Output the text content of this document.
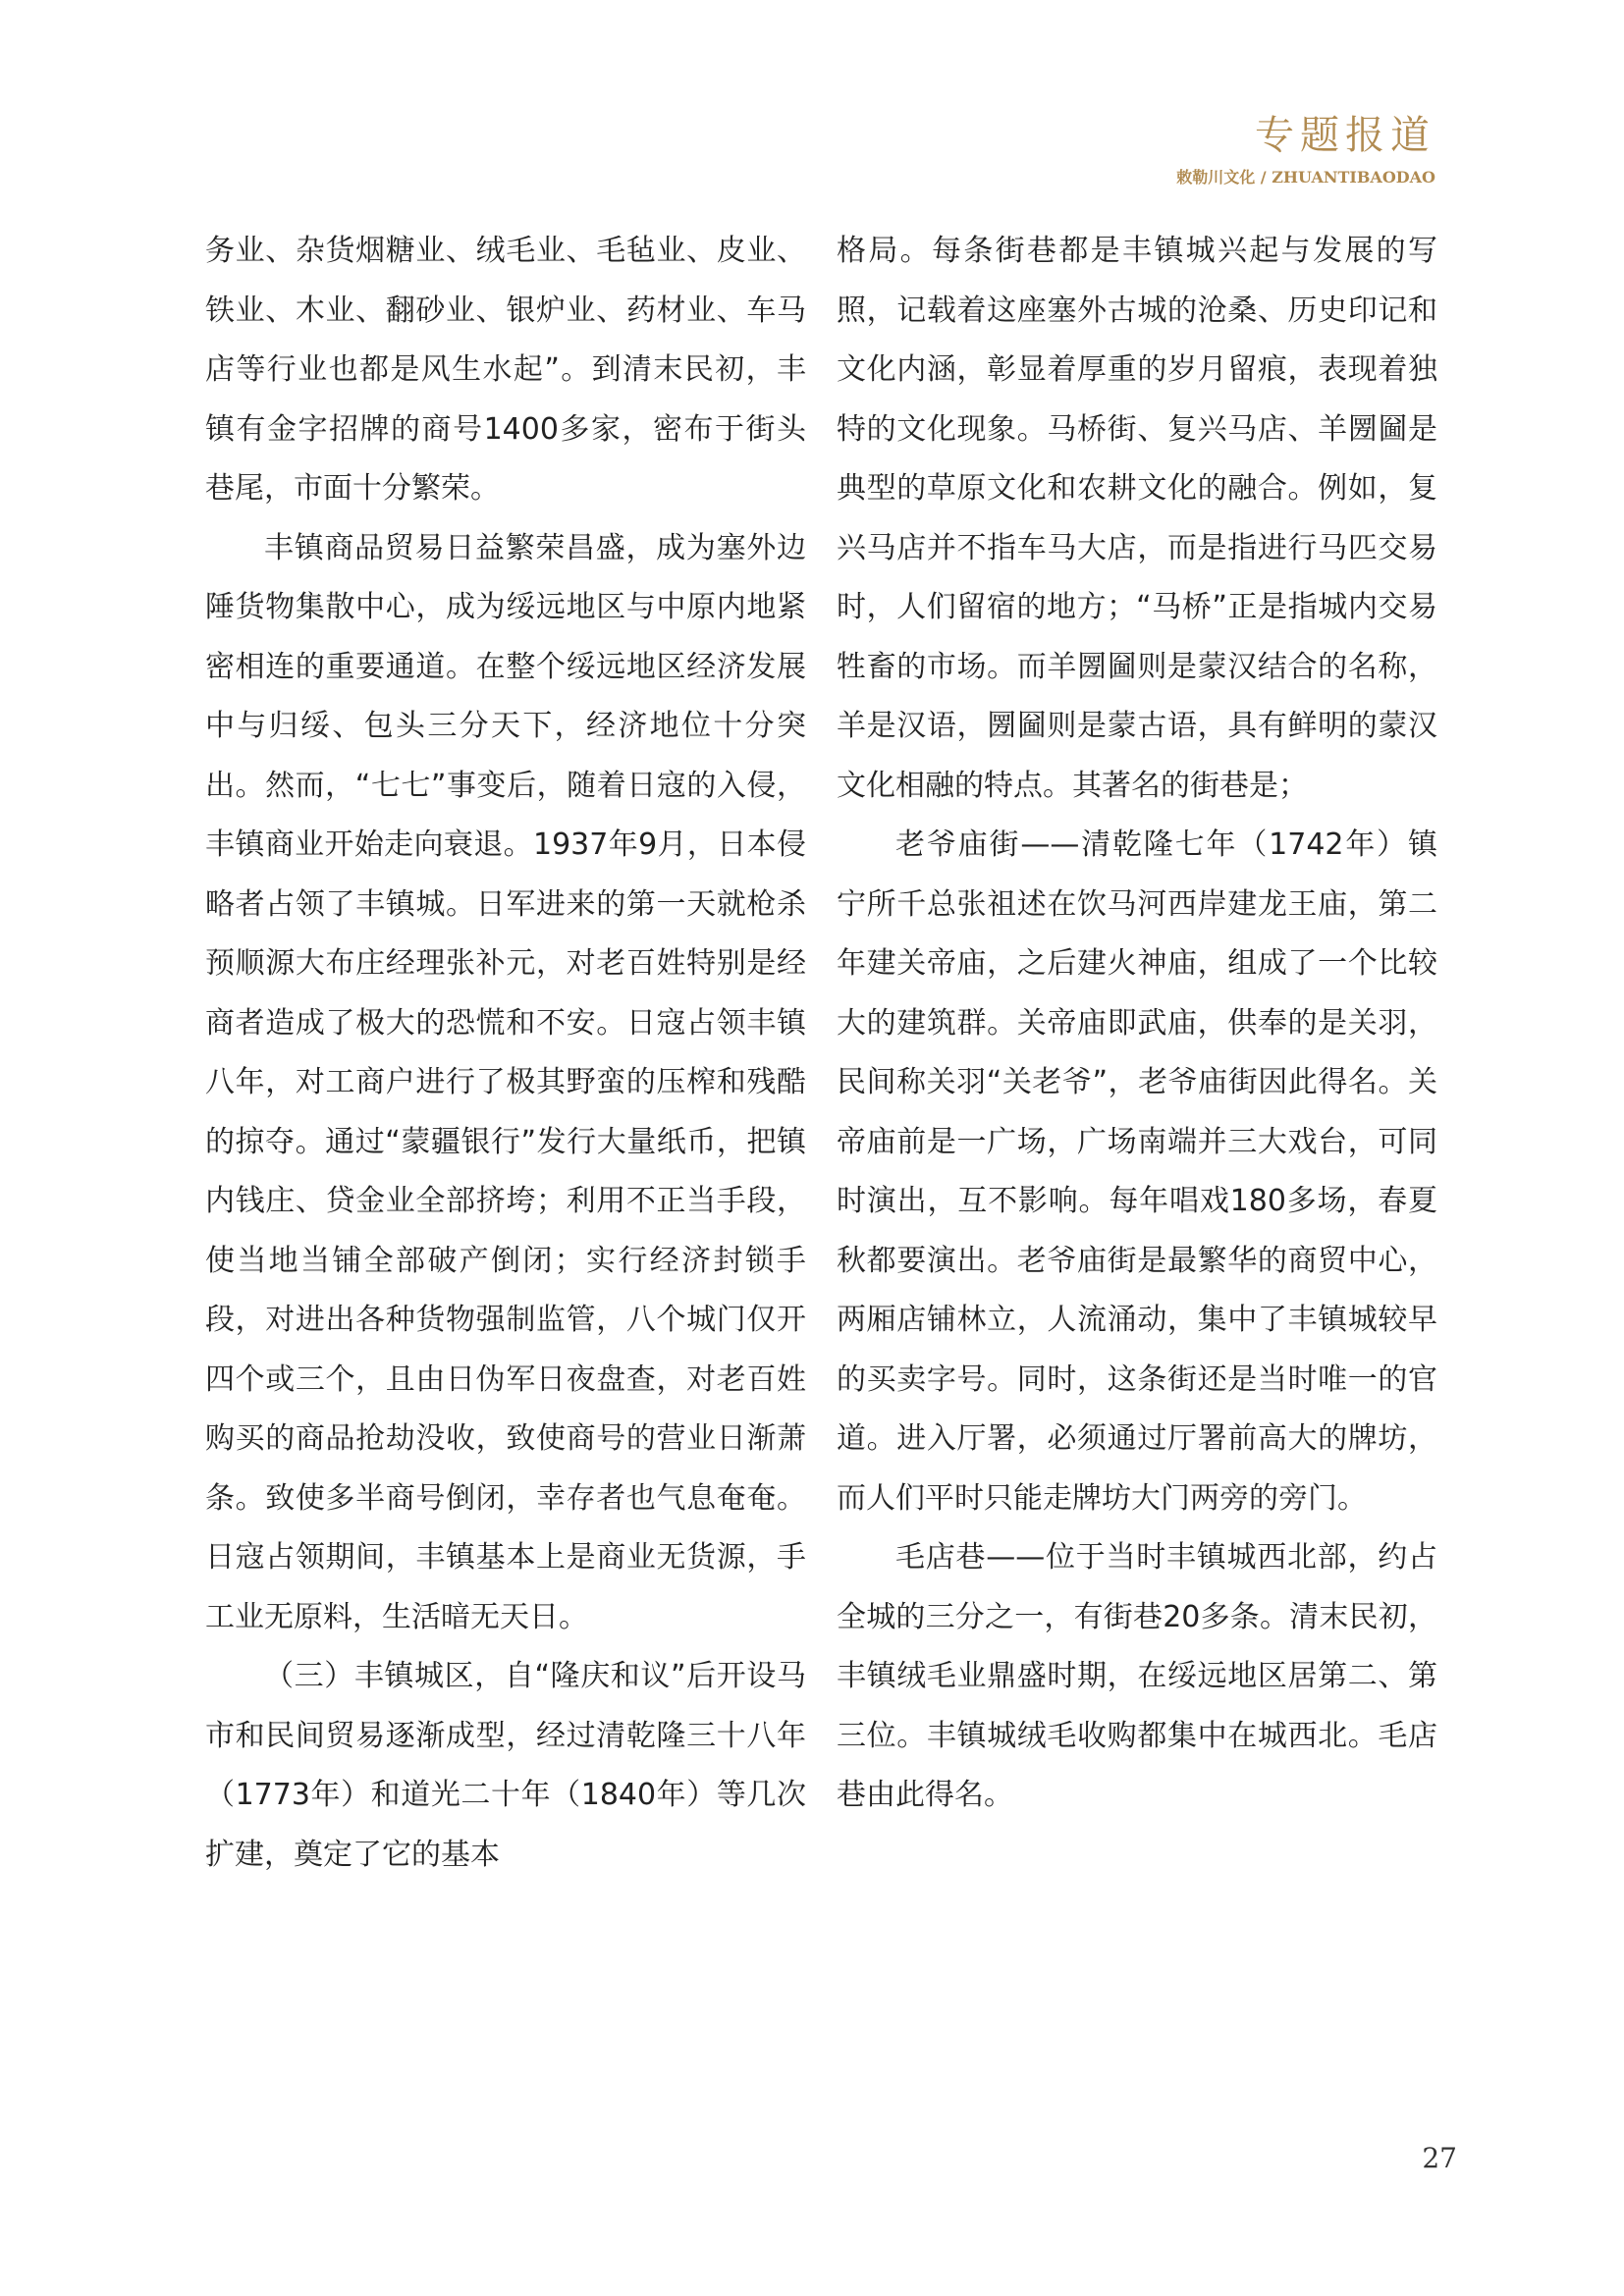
专题报道
敕勒川文化 / ZHUANTIBAODAO

务业、杂货烟糖业、绒毛业、毛毡业、皮业、铁业、木业、翻砂业、银炉业、药材业、车马店等行业也都是风生水起”。到清末民初，丰镇有金字招牌的商号1400多家，密布于街头巷尾，市面十分繁荣。

丰镇商品贸易日益繁荣昌盛，成为塞外边陲货物集散中心，成为绥远地区与中原内地紧密相连的重要通道。在整个绥远地区经济发展中与归绥、包头三分天下，经济地位十分突出。然而，“七七”事变后，随着日寇的入侵，丰镇商业开始走向衰退。1937年9月，日本侵略者占领了丰镇城。日军进来的第一天就枪杀预顺源大布庄经理张补元，对老百姓特别是经商者造成了极大的恐慌和不安。日寇占领丰镇八年，对工商户进行了极其野蛮的压榨和残酷的掠夺。通过“蒙疆银行”发行大量纸币，把镇内钱庄、贷金业全部挤垮；利用不正当手段，使当地当铺全部破产倒闭；实行经济封锁手段，对进出各种货物强制监管，八个城门仅开四个或三个，且由日伪军日夜盘查，对老百姓购买的商品抢劫没收，致使商号的营业日渐萧条。致使多半商号倒闭，幸存者也气息奄奄。日寇占领期间，丰镇基本上是商业无货源，手工业无原料，生活暗无天日。

（三）丰镇城区，自“隆庆和议”后开设马市和民间贸易逐渐成型，经过清乾隆三十八年（1773年）和道光二十年（1840年）等几次扩建，奠定了它的基本

格局。每条街巷都是丰镇城兴起与发展的写照，记载着这座塞外古城的沧桑、历史印记和文化内涵，彰显着厚重的岁月留痕，表现着独特的文化现象。马桥街、复兴马店、羊圐圙是典型的草原文化和农耕文化的融合。例如，复兴马店并不指车马大店，而是指进行马匹交易时，人们留宿的地方；“马桥”正是指城内交易牲畜的市场。而羊圐圙则是蒙汉结合的名称，羊是汉语，圐圙则是蒙古语，具有鲜明的蒙汉文化相融的特点。其著名的街巷是；

老爷庙街——清乾隆七年（1742年）镇宁所千总张祖述在饮马河西岸建龙王庙，第二年建关帝庙，之后建火神庙，组成了一个比较大的建筑群。关帝庙即武庙，供奉的是关羽，民间称关羽“关老爷”，老爷庙街因此得名。关帝庙前是一广场，广场南端并三大戏台，可同时演出，互不影响。每年唱戏180多场，春夏秋都要演出。老爷庙街是最繁华的商贸中心，两厢店铺林立，人流涌动，集中了丰镇城较早的买卖字号。同时，这条街还是当时唯一的官道。进入厅署，必须通过厅署前高大的牌坊，而人们平时只能走牌坊大门两旁的旁门。

毛店巷——位于当时丰镇城西北部，约占全城的三分之一，有街巷20多条。清末民初，丰镇绒毛业鼎盛时期，在绥远地区居第二、第三位。丰镇城绒毛收购都集中在城西北。毛店巷由此得名。

27
